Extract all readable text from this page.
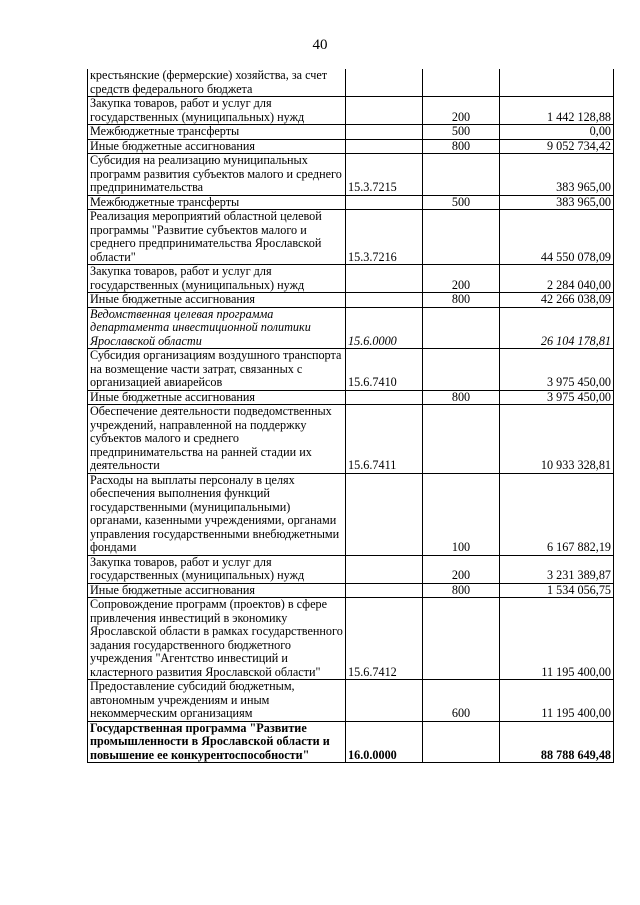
40
крестьянские (фермерские) хозяйства, за счет средств федерального бюджета			
Закупка товаров, работ и услуг для государственных (муниципальных) нужд		200	1 442 128,88
Межбюджетные трансферты		500	0,00
Иные бюджетные ассигнования		800	9 052 734,42
Субсидия на реализацию муниципальных программ развития субъектов малого и среднего предпринимательства	15.3.7215		383 965,00
Межбюджетные трансферты		500	383 965,00
Реализация мероприятий областной целевой программы "Развитие субъектов малого и среднего предпринимательства Ярославской области"	15.3.7216		44 550 078,09
Закупка товаров, работ и услуг для государственных (муниципальных) нужд		200	2 284 040,00
Иные бюджетные ассигнования		800	42 266 038,09
Ведомственная целевая программа департамента инвестиционной политики Ярославской области	15.6.0000		26 104 178,81
Субсидия организациям воздушного транспорта на возмещение части затрат, связанных с организацией авиарейсов	15.6.7410		3 975 450,00
Иные бюджетные ассигнования		800	3 975 450,00
Обеспечение деятельности подведомственных учреждений, направленной на поддержку субъектов малого и среднего предпринимательства на ранней стадии их деятельности	15.6.7411		10 933 328,81
Расходы на выплаты персоналу в целях обеспечения выполнения функций государственными (муниципальными) органами, казенными учреждениями, органами управления государственными внебюджетными фондами		100	6 167 882,19
Закупка товаров, работ и услуг для государственных (муниципальных) нужд		200	3 231 389,87
Иные бюджетные ассигнования		800	1 534 056,75
Сопровождение программ (проектов) в сфере привлечения инвестиций в экономику Ярославской области в рамках государственного задания государственного бюджетного учреждения "Агентство инвестиций и кластерного развития Ярославской области"	15.6.7412		11 195 400,00
Предоставление субсидий бюджетным, автономным учреждениям и иным некоммерческим организациям		600	11 195 400,00
Государственная программа "Развитие промышленности в Ярославской области и повышение ее конкурентоспособности"	16.0.0000		88 788 649,48
